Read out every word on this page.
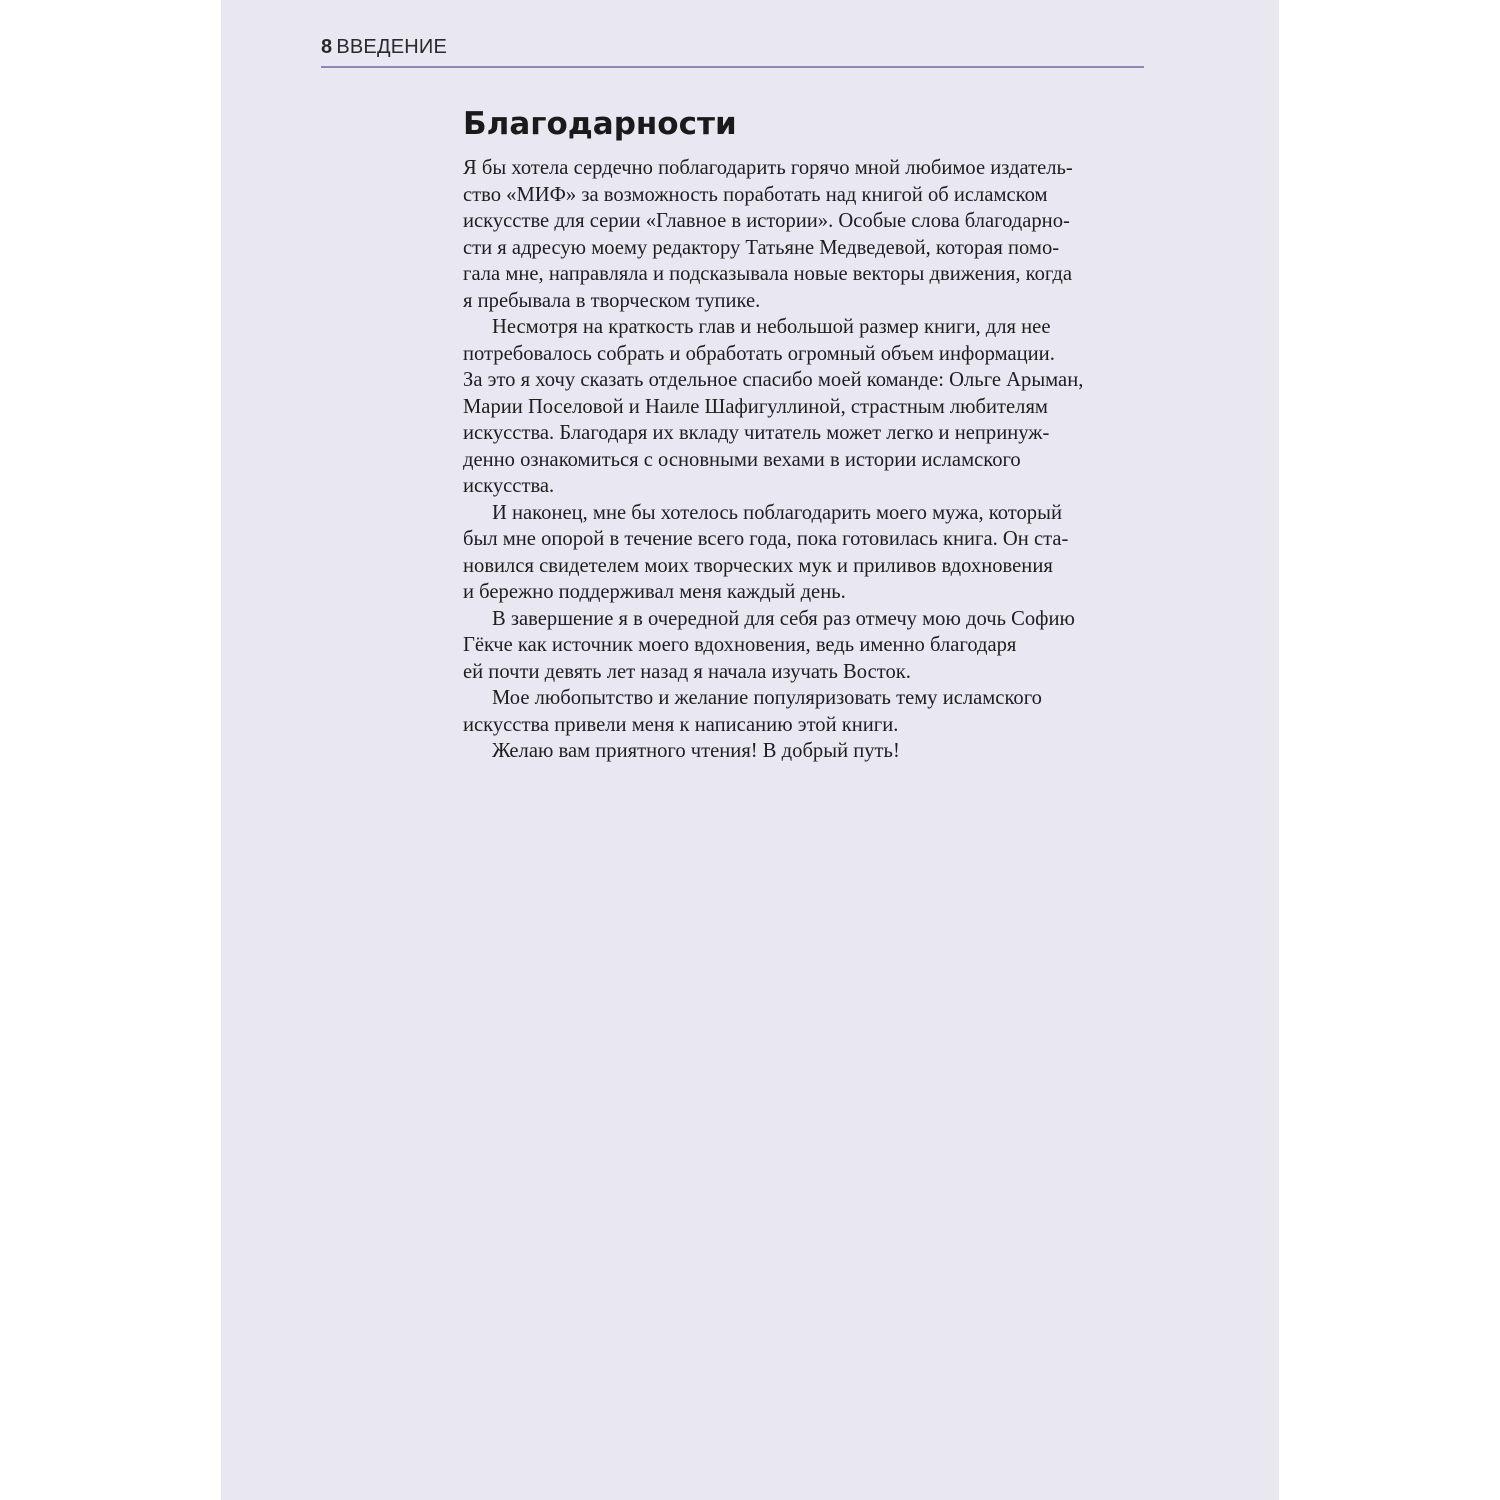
8 ВВЕДЕНИЕ
Благодарности
Я бы хотела сердечно поблагодарить горячо мной любимое издатель-
ство «МИФ» за возможность поработать над книгой об исламском
искусстве для серии «Главное в истории». Особые слова благодарно-
сти я адресую моему редактору Татьяне Медведевой, которая помо-
гала мне, направляла и подсказывала новые векторы движения, когда
я пребывала в творческом тупике.
Несмотря на краткость глав и небольшой размер книги, для нее
потребовалось собрать и обработать огромный объем информации.
За это я хочу сказать отдельное спасибо моей команде: Ольге Арыман,
Марии Поселовой и Наиле Шафигуллиной, страстным любителям
искусства. Благодаря их вкладу читатель может легко и непринуж-
денно ознакомиться с основными вехами в истории исламского
искусства.
И наконец, мне бы хотелось поблагодарить моего мужа, который
был мне опорой в течение всего года, пока готовилась книга. Он ста-
новился свидетелем моих творческих мук и приливов вдохновения
и бережно поддерживал меня каждый день.
В завершение я в очередной для себя раз отмечу мою дочь Софию
Гёкче как источник моего вдохновения, ведь именно благодаря
ей почти девять лет назад я начала изучать Восток.
Мое любопытство и желание популяризовать тему исламского
искусства привели меня к написанию этой книги.
Желаю вам приятного чтения! В добрый путь!
